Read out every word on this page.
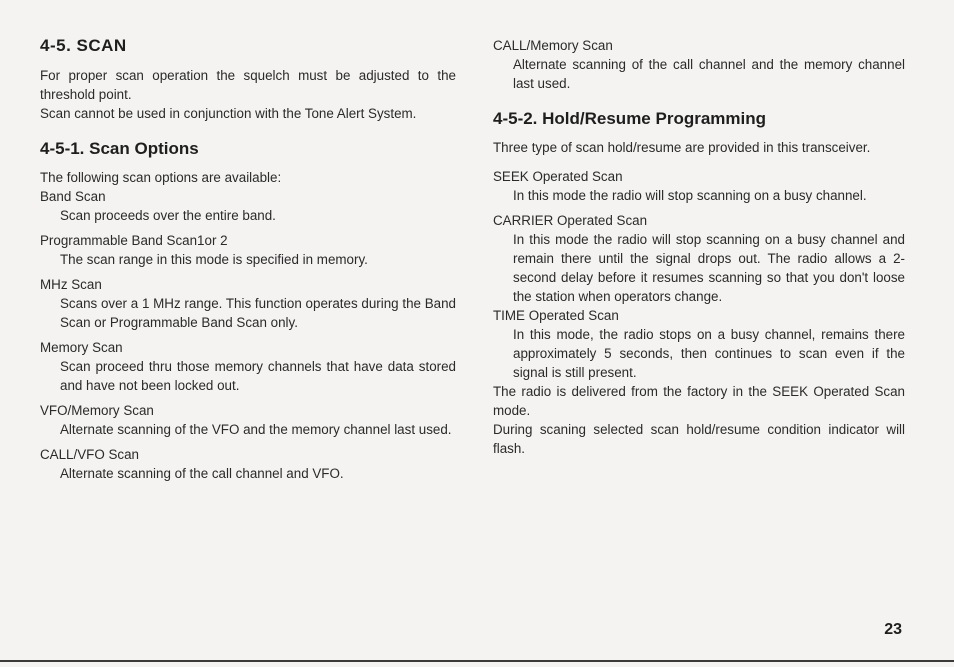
4-5. SCAN

For proper scan operation the squelch must be adjusted to the threshold point.

Scan cannot be used in conjunction with the Tone Alert System.

4-5-1. Scan Options

The following scan options are available:

Band Scan
Scan proceeds over the entire band.
Programmable Band Scan1or 2
The scan range in this mode is specified in memory.
MHz Scan
Scans over a 1 MHz range. This function operates during the Band Scan or Programmable Band Scan only.
Memory Scan
Scan proceed thru those memory channels that have data stored and have not been locked out.
VFO/Memory Scan
Alternate scanning of the VFO and the memory channel last used.
CALL/VFO Scan
Alternate scanning of the call channel and VFO.
CALL/Memory Scan
Alternate scanning of the call channel and the memory channel last used.
4-5-2. Hold/Resume Programming

Three type of scan hold/resume are provided in this transceiver.

SEEK Operated Scan
In this mode the radio will stop scanning on a busy channel.
CARRIER Operated Scan
In this mode the radio will stop scanning on a busy channel and remain there until the signal drops out. The radio allows a 2-second delay before it resumes scanning so that you don't loose the station when operators change.
TIME Operated Scan
In this mode, the radio stops on a busy channel, remains there approximately 5 seconds, then continues to scan even if the signal is still present.

The radio is delivered from the factory in the SEEK Operated Scan mode.

During scaning selected scan hold/resume condition indicator will flash.

23
